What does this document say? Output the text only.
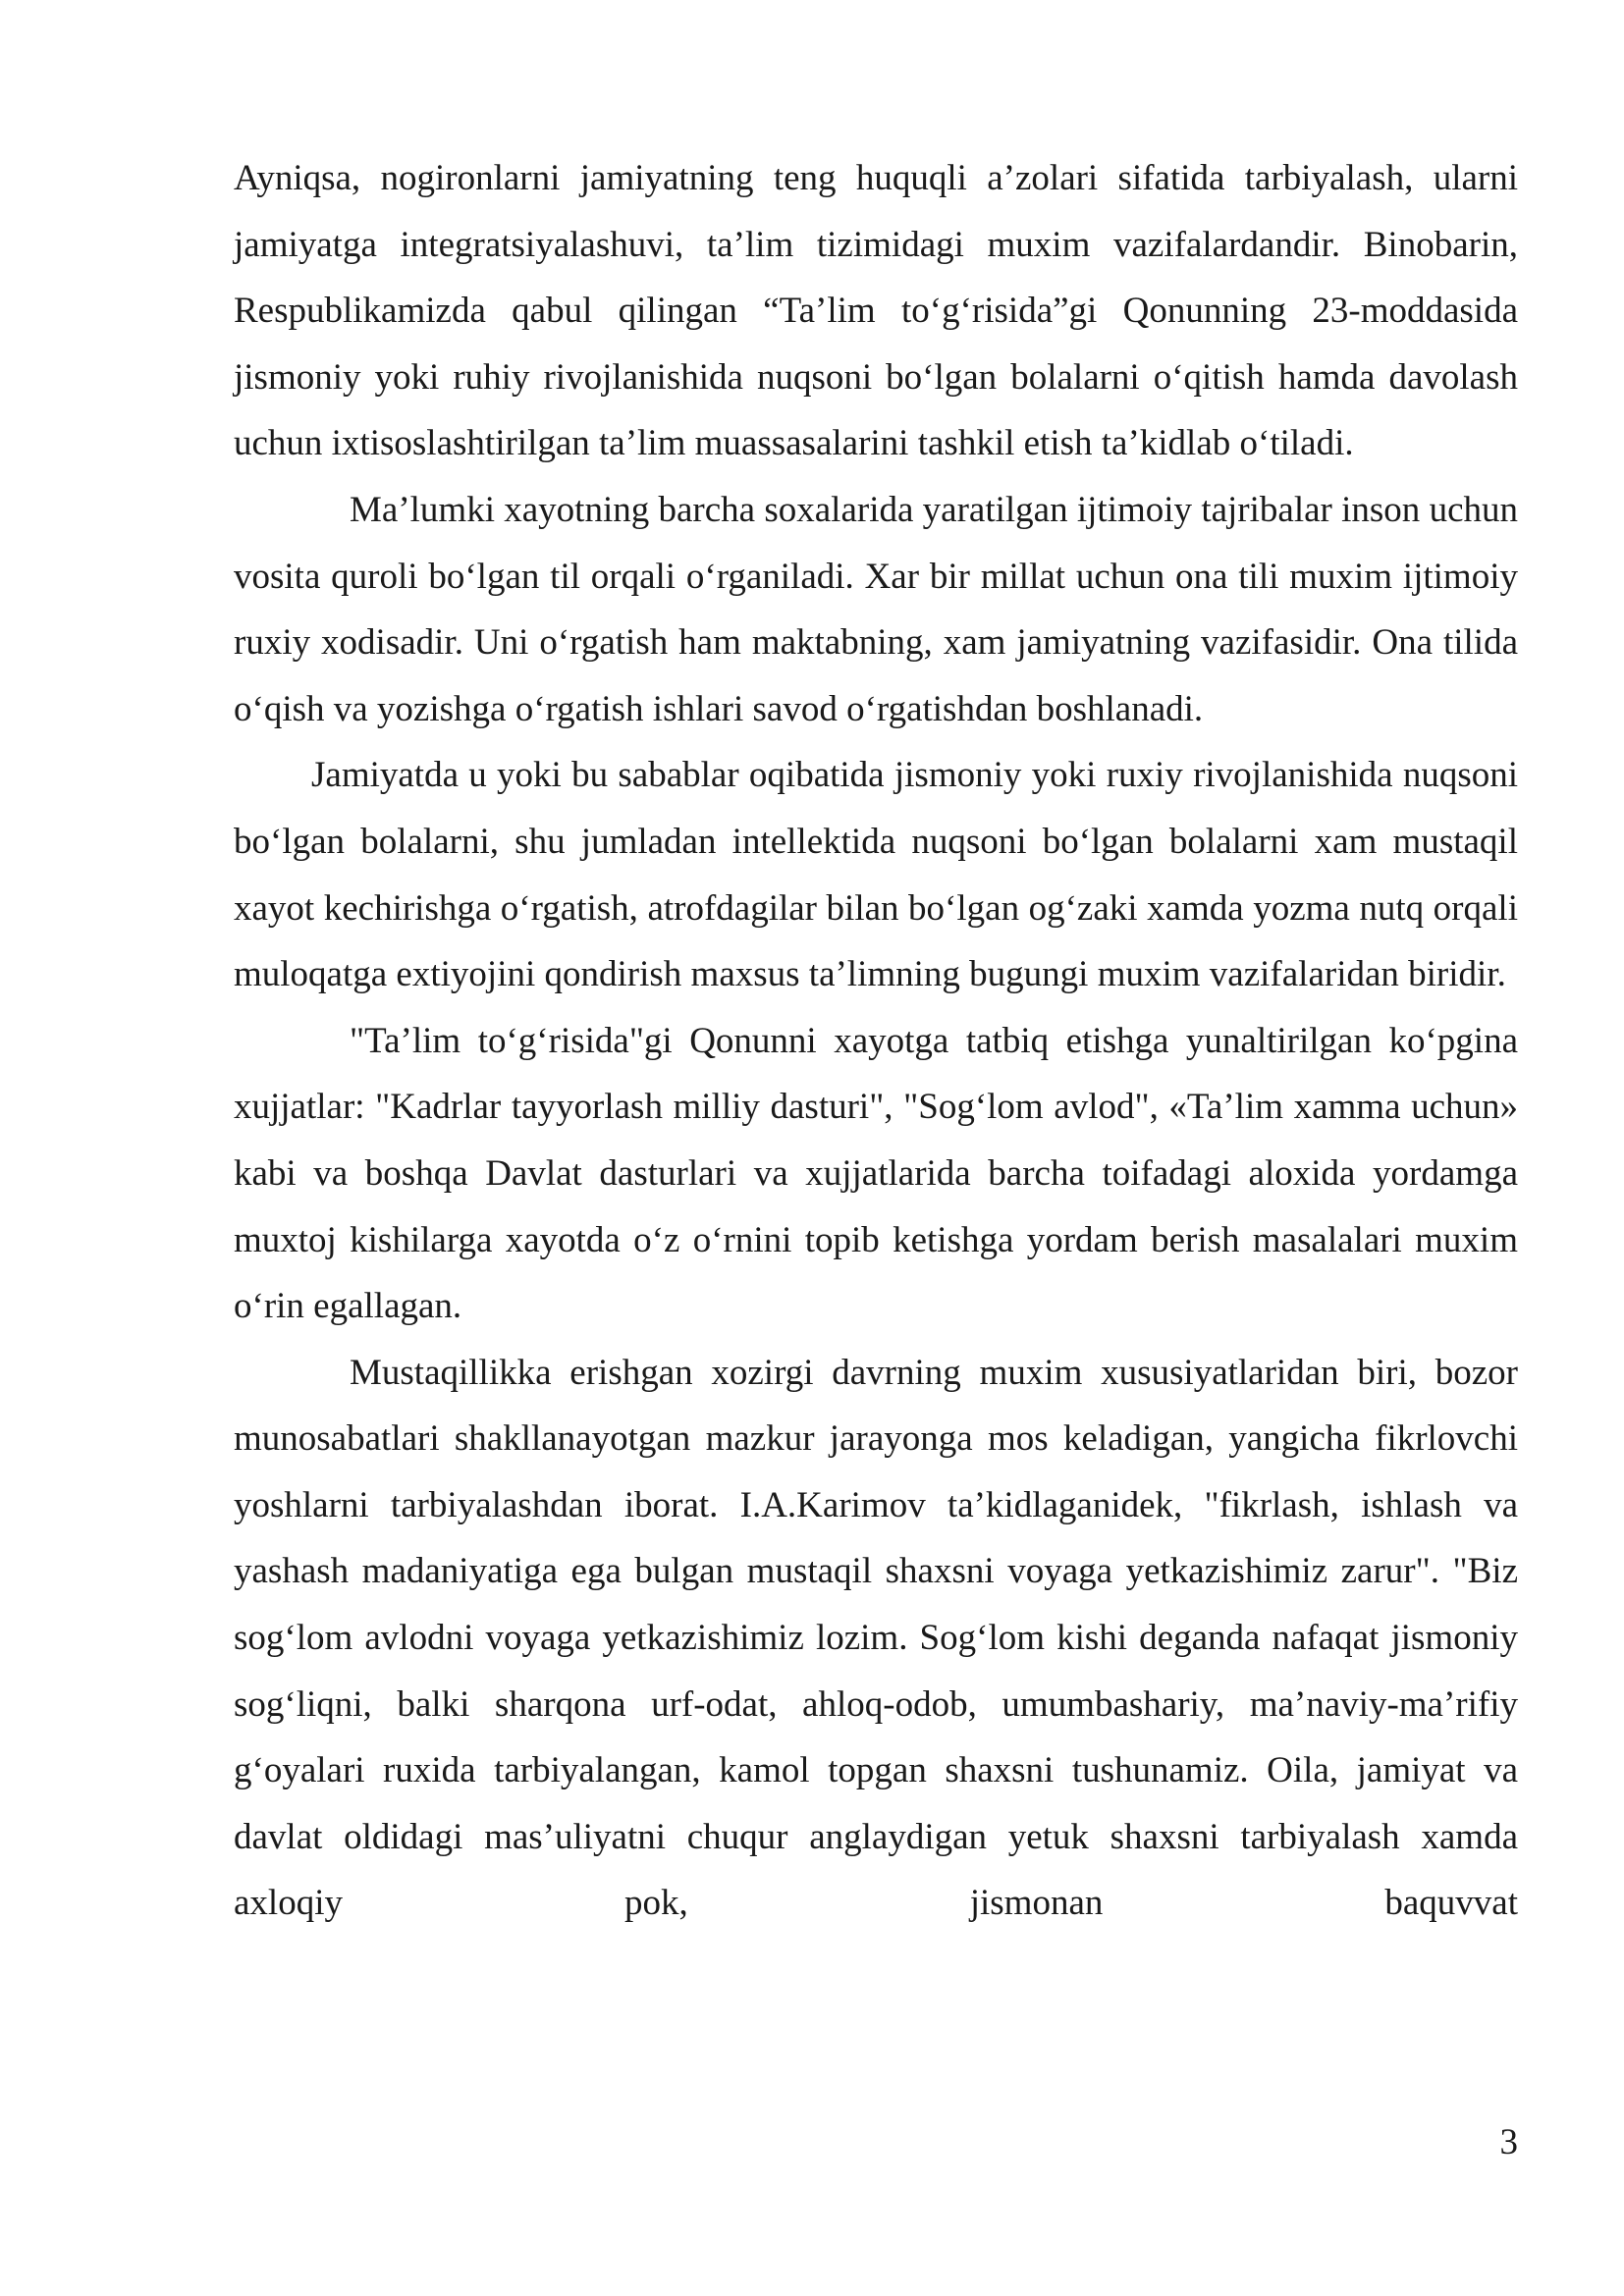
Ayniqsa, nogironlarni jamiyatning teng huquqli a’zolari sifatida tarbiyalash, ularni jamiyatga integratsiyalashuvi, ta’lim tizimidagi muxim vazifalardandir. Binobarin, Respublikamizda qabul qilingan “Ta’lim to‘g‘risida”gi Qonunning 23-moddasida jismoniy yoki ruhiy rivojlanishida nuqsoni bo‘lgan bolalarni o‘qitish hamda davolash uchun ixtisoslashtirilgan ta’lim muassasalarini tashkil etish ta’kidlab o‘tiladi.

Ma’lumki xayotning barcha soxalarida yaratilgan ijtimoiy tajribalar inson uchun vosita quroli bo‘lgan til orqali o‘rganiladi. Xar bir millat uchun ona tili muxim ijtimoiy ruxiy xodisadir. Uni o‘rgatish ham maktabning, xam jamiyatning vazifasidir. Ona tilida o‘qish va yozishga o‘rgatish ishlari savod o‘rgatishdan boshlanadi.

Jamiyatda u yoki bu sabablar oqibatida jismoniy yoki ruxiy rivojlanishida nuqsoni bo‘lgan bolalarni, shu jumladan intellektida nuqsoni bo‘lgan bolalarni xam mustaqil xayot kechirishga o‘rgatish, atrofdagilar bilan bo‘lgan og‘zaki xamda yozma nutq orqali muloqatga extiyojini qondirish maxsus ta’limning bugungi muxim vazifalaridan biridir.

"Ta’lim to‘g‘risida"gi Qonunni xayotga tatbiq etishga yunaltirilgan ko‘pgina xujjatlar: "Kadrlar tayyorlash milliy dasturi", "Sog‘lom avlod", «Ta’lim xamma uchun» kabi va boshqa Davlat dasturlari va xujjatlarida barcha toifadagi aloxida yordamga muxtoj kishilarga xayotda o‘z o‘rnini topib ketishga yordam berish masalalari muxim o‘rin egallagan.

Mustaqillikka erishgan xozirgi davrning muxim xususiyatlaridan biri, bozor munosabatlari shakllanayotgan mazkur jarayonga mos keladigan, yangicha fikrlovchi yoshlarni tarbiyalashdan iborat. I.A.Karimov ta’kidlaganidek, "fikrlash, ishlash va yashash madaniyatiga ega bulgan mustaqil shaxsni voyaga yetkazishimiz zarur". "Biz sog‘lom avlodni voyaga yetkazishimiz lozim. Sog‘lom kishi deganda nafaqat jismoniy sog‘liqni, balki sharqona urf-odat, ahloq-odob, umumbashariy, ma’naviy-ma’rifiy g‘oyalari ruxida tarbiyalangan, kamol topgan shaxsni tushunamiz. Oila, jamiyat va davlat oldidagi mas’uliyatni chuqur anglaydigan yetuk shaxsni tarbiyalash xamda axloqiy pok, jismonan baquvvat

3
